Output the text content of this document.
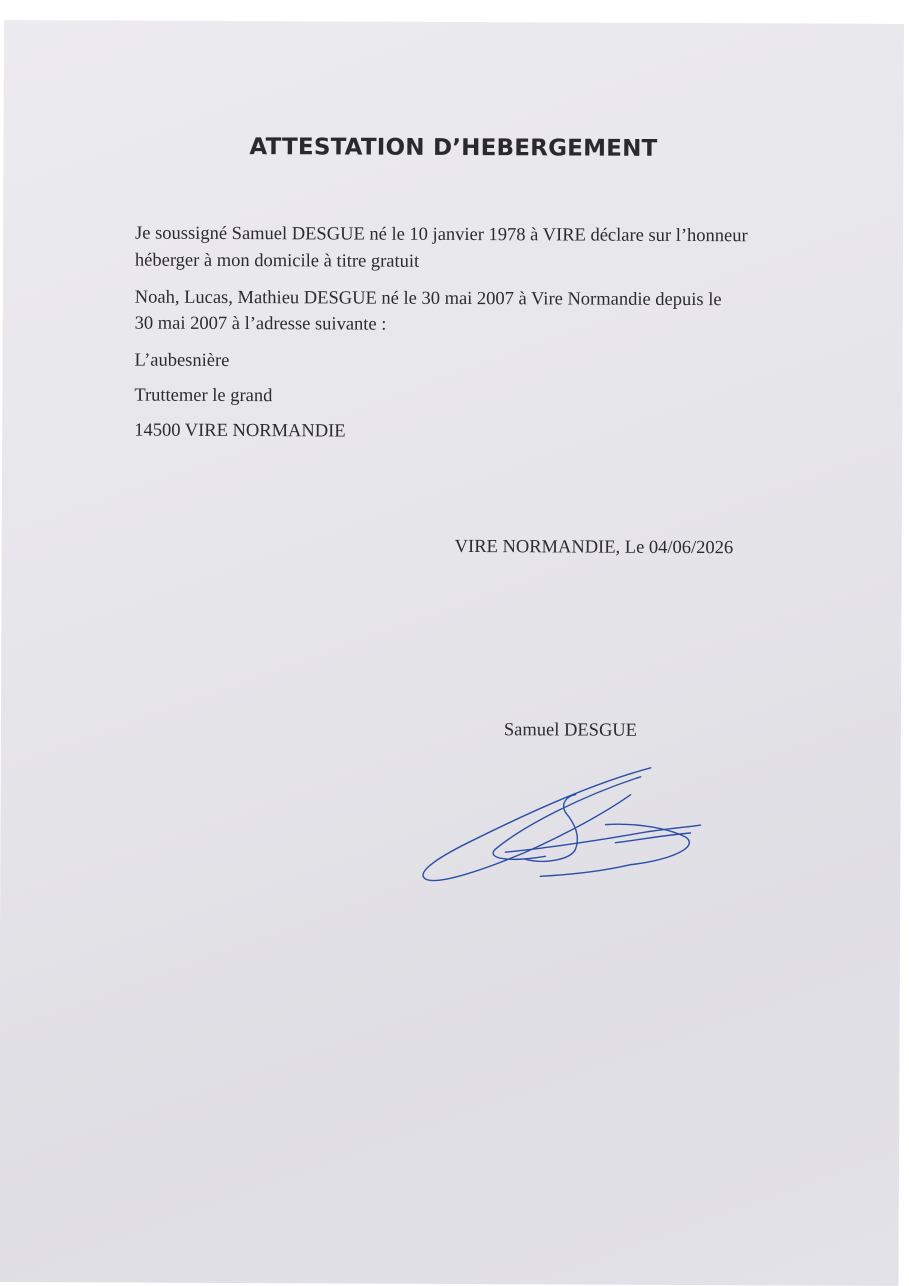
ATTESTATION D’HEBERGEMENT
Je soussigné Samuel DESGUE né le 10 janvier 1978 à VIRE déclare sur l’honneur
héberger à mon domicile à titre gratuit
Noah, Lucas, Mathieu DESGUE né le 30 mai 2007 à Vire Normandie depuis le
30 mai 2007 à l’adresse suivante :
L’aubesnière
Truttemer le grand
14500 VIRE NORMANDIE
VIRE NORMANDIE, Le 04/06/2026
Samuel DESGUE
